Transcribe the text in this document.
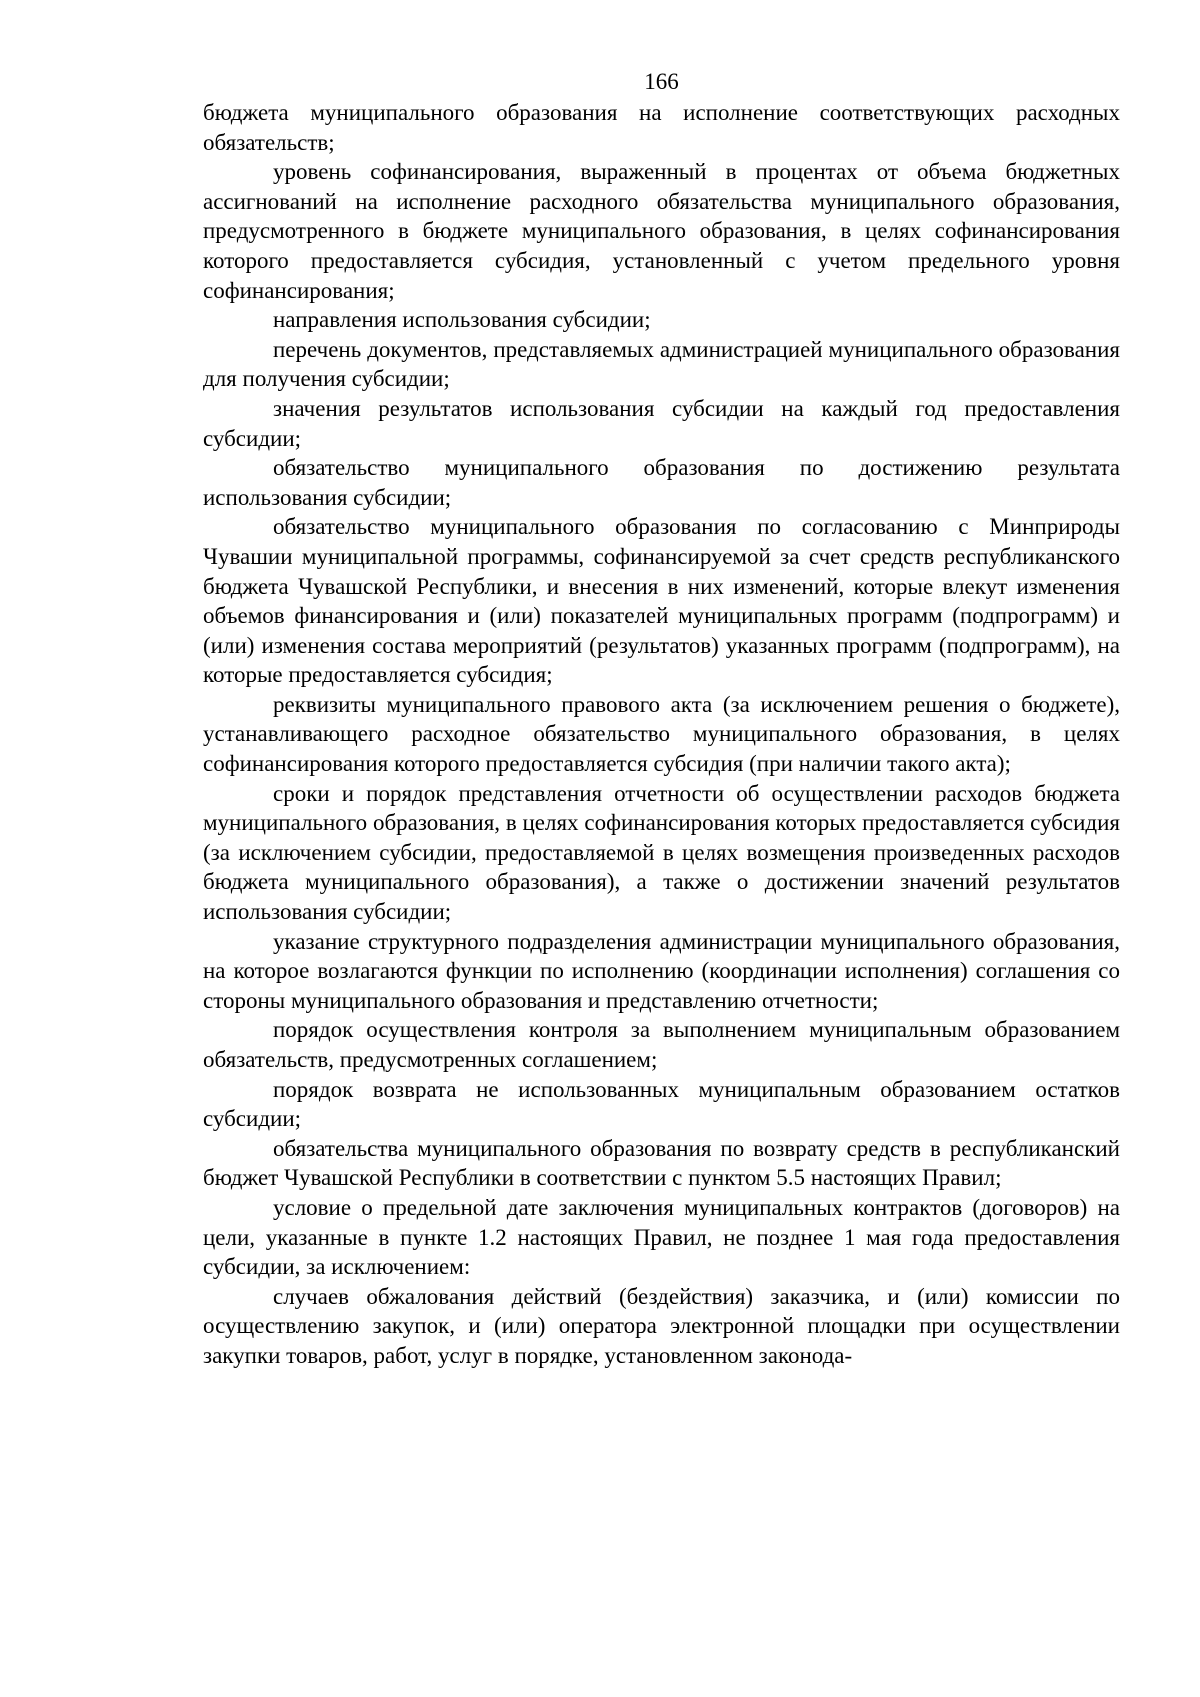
166

бюджета муниципального образования на исполнение соответствующих расходных обязательств;

уровень софинансирования, выраженный в процентах от объема бюджетных ассигнований на исполнение расходного обязательства муниципального образования, предусмотренного в бюджете муниципального образования, в целях софинансирования которого предоставляется субсидия, установленный с учетом предельного уровня софинансирования;

направления использования субсидии;

перечень документов, представляемых администрацией муниципального образования для получения субсидии;

значения результатов использования субсидии на каждый год предоставления субсидии;

обязательство муниципального образования по достижению результата использования субсидии;

обязательство муниципального образования по согласованию с Минприроды Чувашии муниципальной программы, софинансируемой за счет средств республиканского бюджета Чувашской Республики, и внесения в них изменений, которые влекут изменения объемов финансирования и (или) показателей муниципальных программ (подпрограмм) и (или) изменения состава мероприятий (результатов) указанных программ (подпрограмм), на которые предоставляется субсидия;

реквизиты муниципального правового акта (за исключением решения о бюджете), устанавливающего расходное обязательство муниципального образования, в целях софинансирования которого предоставляется субсидия (при наличии такого акта);

сроки и порядок представления отчетности об осуществлении расходов бюджета муниципального образования, в целях софинансирования которых предоставляется субсидия (за исключением субсидии, предоставляемой в целях возмещения произведенных расходов бюджета муниципального образования), а также о достижении значений результатов использования субсидии;

указание структурного подразделения администрации муниципального образования, на которое возлагаются функции по исполнению (координации исполнения) соглашения со стороны муниципального образования и представлению отчетности;

порядок осуществления контроля за выполнением муниципальным образованием обязательств, предусмотренных соглашением;

порядок возврата не использованных муниципальным образованием остатков субсидии;

обязательства муниципального образования по возврату средств в республиканский бюджет Чувашской Республики в соответствии с пунктом 5.5 настоящих Правил;

условие о предельной дате заключения муниципальных контрактов (договоров) на цели, указанные в пункте 1.2 настоящих Правил, не позднее 1 мая года предоставления субсидии, за исключением:

случаев обжалования действий (бездействия) заказчика, и (или) комиссии по осуществлению закупок, и (или) оператора электронной площадки при осуществлении закупки товаров, работ, услуг в порядке, установленном законода-
